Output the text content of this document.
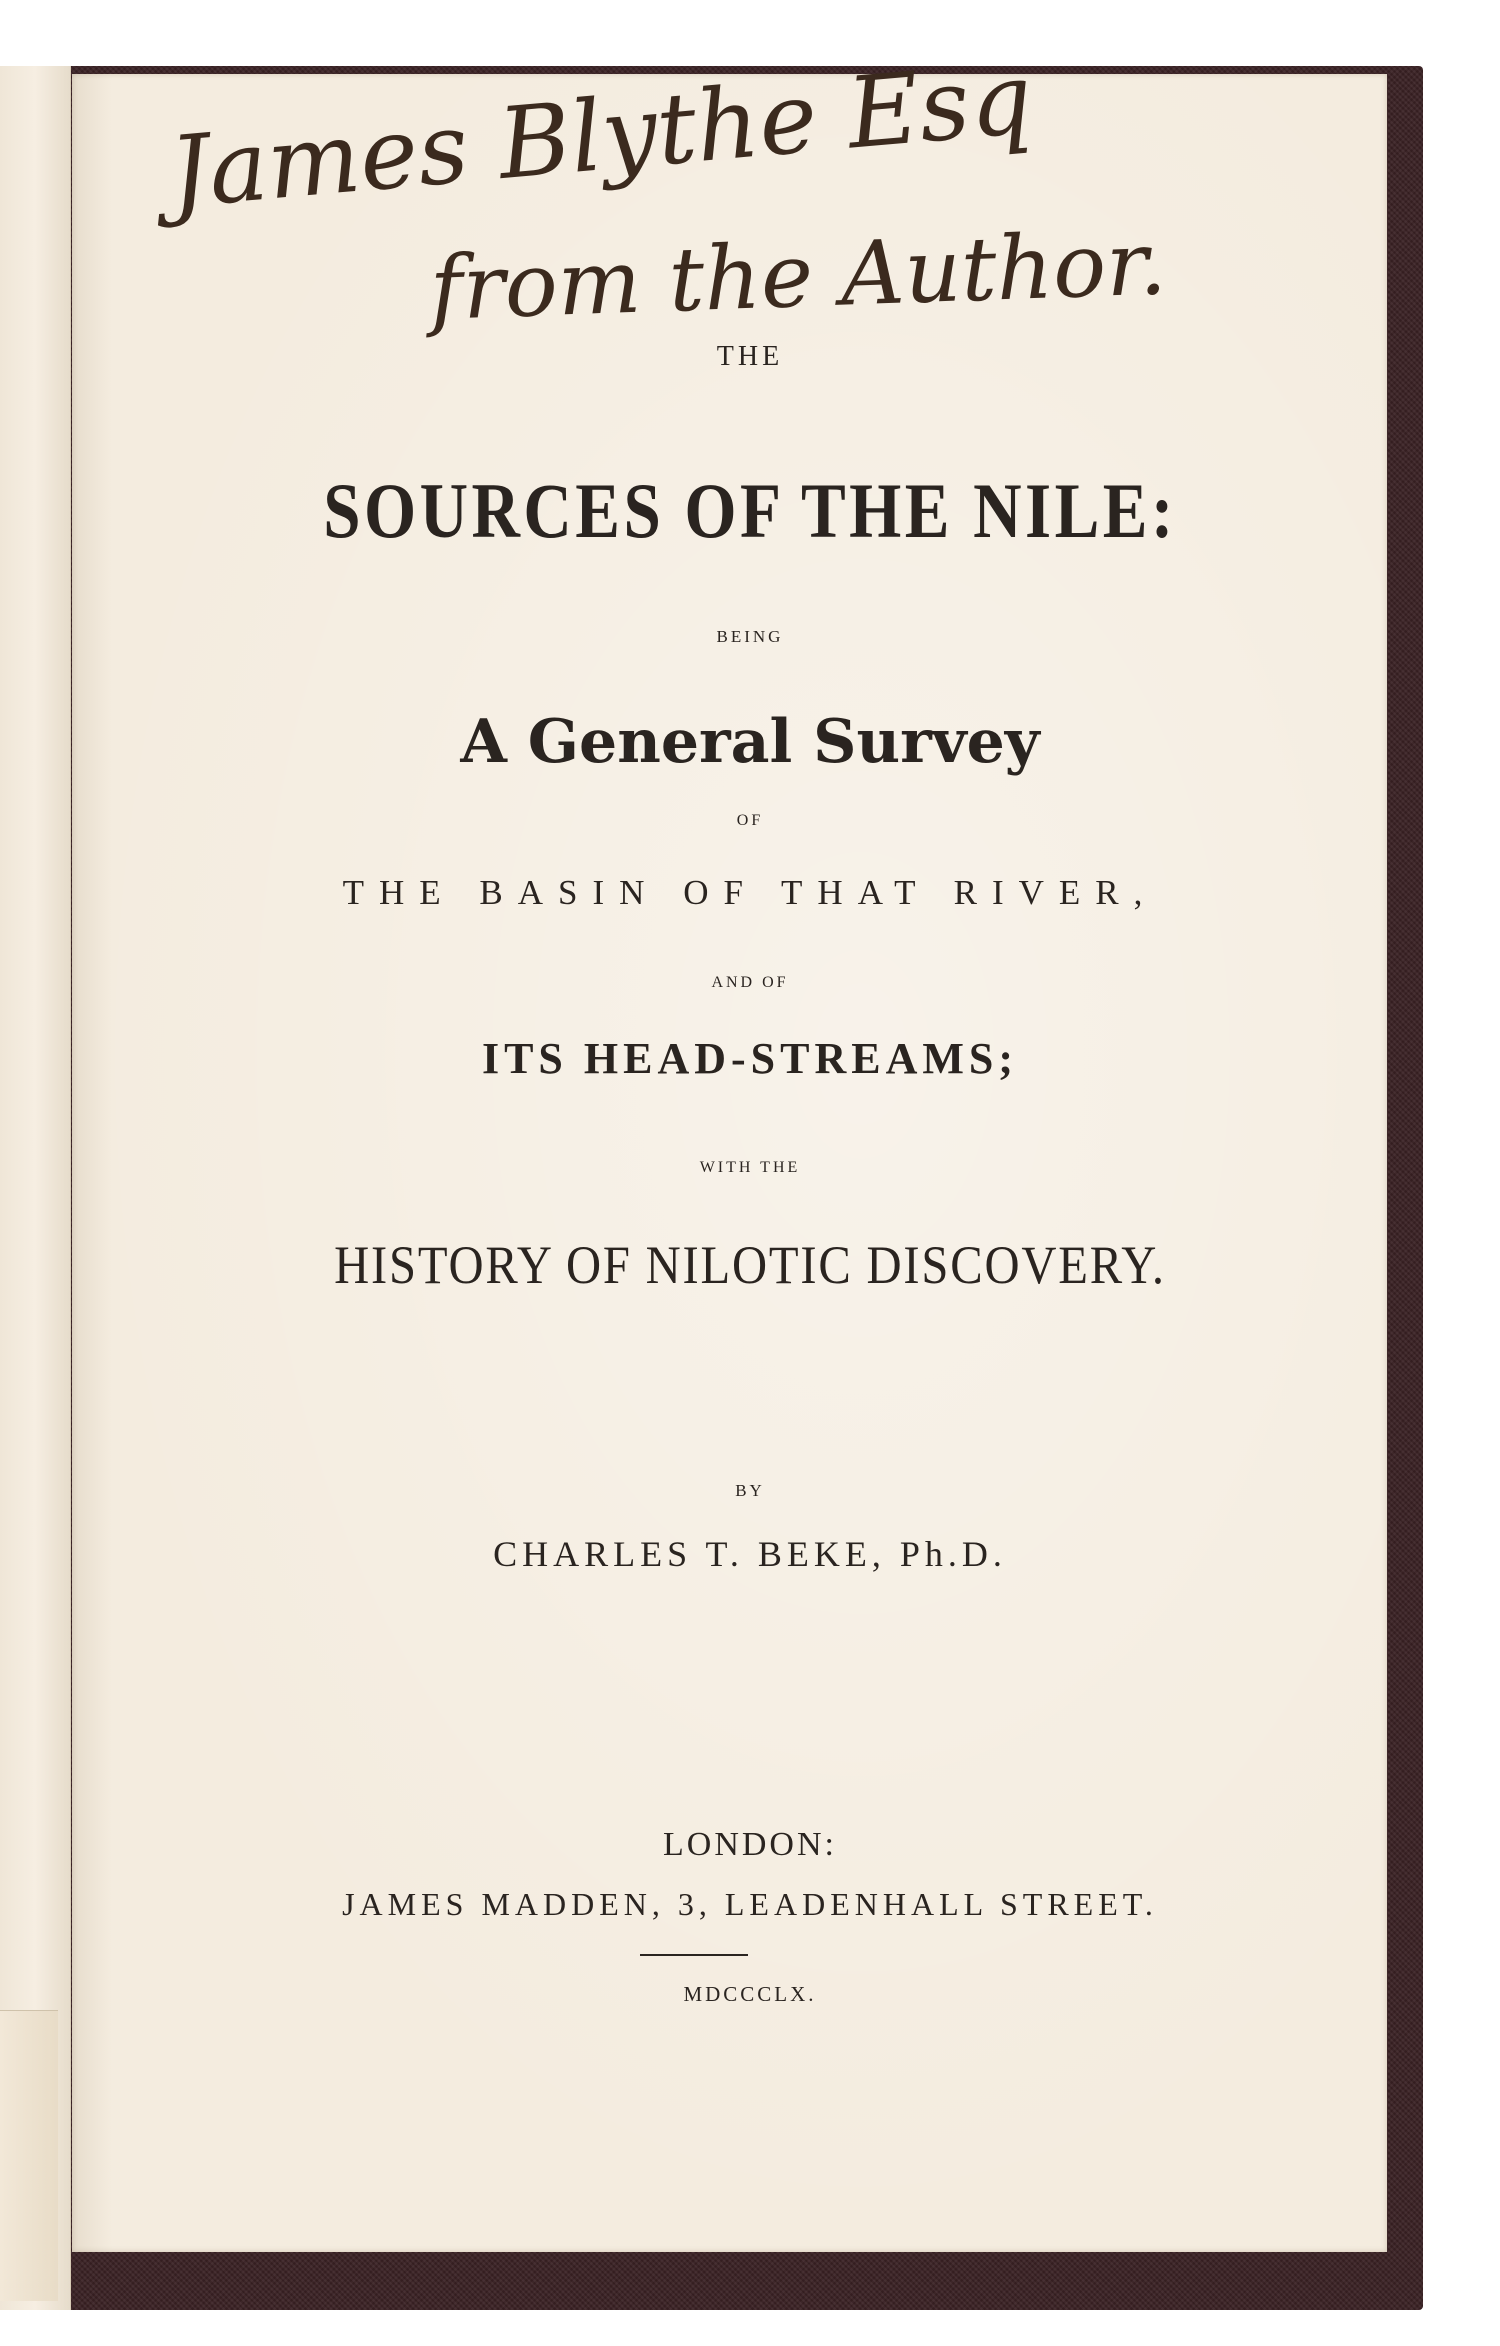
James Blythe Esq
from the Author.
THE
SOURCES OF THE NILE:
BEING
A General Survey
OF
THE BASIN OF THAT RIVER,
AND OF
ITS HEAD-STREAMS;
WITH THE
HISTORY OF NILOTIC DISCOVERY.
BY
CHARLES T. BEKE, Ph.D.
LONDON:
JAMES MADDEN, 3, LEADENHALL STREET.
MDCCCLX.
